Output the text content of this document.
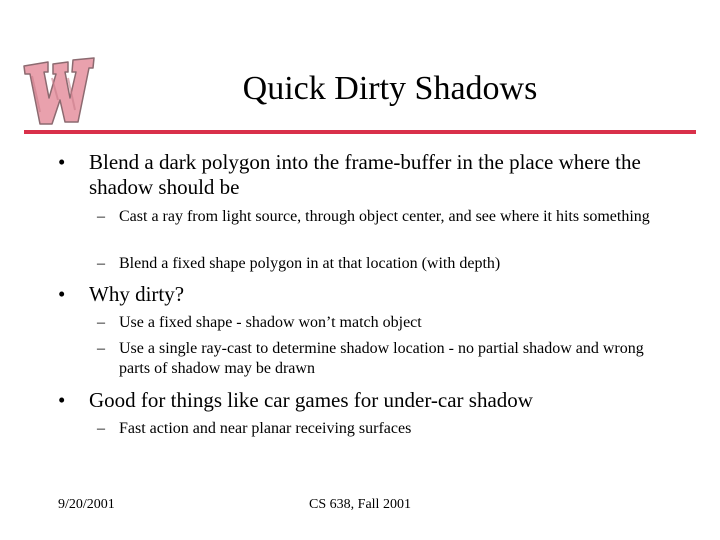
Quick Dirty Shadows
•	Blend a dark polygon into the frame-buffer in the place where the shadow should be
– Cast a ray from light source, through object center, and see where it hits something
– Blend a fixed shape polygon in at that location (with depth)
•	Why dirty?
– Use a fixed shape - shadow won’t match object
– Use a single ray-cast to determine shadow location - no partial shadow and wrong parts of shadow may be drawn
•	Good for things like car games for under-car shadow
– Fast action and near planar receiving surfaces
9/20/2001	CS 638, Fall 2001
